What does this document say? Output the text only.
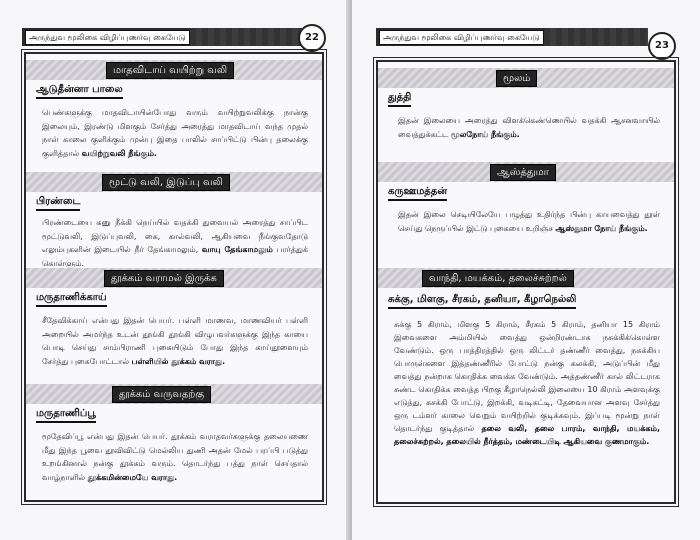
அருந்துவ மூலிகை விழிப்புணர்வு கையேடு	22
மாதவிடாய் வயிற்று வலி
ஆடுதீன்னா பாலை
பெண்களுக்கு மாதவிடாயின்போது வரும் வயிற்றுவலிக்கு நான்கு இலையும், இரண்டு மிளகும் சேர்த்து அரைத்து மாதவிடாய் வந்த முதல் நாள் காலை குளிக்கும் முன்பு இதை பாலில் சாப்பிட்டு பின்பு தலைக்கு குளித்தால் வயிற்றுவலி நீங்கும்.
மூட்டு வலி, இடுப்பு வலி
பிரண்டை
பிரண்டையை கனு நீக்கி நெய்யில் வதக்கி துவையல் அரைத்து சாப்பிட மூட்டுவலி, இடுப்புவலி, கை, கால்வலி, ஆகியவை நீங்குவதோடு எலும்புகளின் இடையில் நீர் தேங்காமலும், வாயு தேங்காமலும் பார்த்துக் கொள்ளும்.
தூக்கம் வராமல் இருக்க
மருதாணிக்காய்
சீதேவிக்காய் என்பது இதன் பெயர். பள்ளி மாணவ, மாணவியர் பள்ளி அறையில் அமர்ந்த உடன் தூங்கி தூங்கி விழுபவர்களுக்கு இந்த காயை பொடி செய்து சாம்பிராணி புகையிடும் போது இந்த காய்தூளையும் சேர்த்து புகைபோட்டால் பள்ளியில் தூக்கம் வராது.
தூக்கம் வருவதற்கு
மருதாணிப்பூ
மூதேவிப்பூ என்பது இதன் பெயர். தூக்கம் வராதவர்களுக்கு தலையணை மீது இந்த பூவை தூவிவிட்டு மெல்லிய துணி அதன் மேல் பரப்பி படுத்து உறங்கினால் நன்கு தூக்கம் வரும். தொடர்ந்து பத்து நாள் செய்தால் வாழ்நாளில் தூக்கமின்மையே வராது.
அருந்துவ மூலிகை விழிப்புணர்வு கையேடு
23
மூலம்
துத்தி
இதன் இலையை அரைத்து விளக்கெண்ணெயில் வதக்கி ஆசனவாயில் வைத்துக்கட்ட மூலநோய் நீங்கும்.
ஆஸ்த்துமா
கருஊமத்தன்
இதன் இலை செடியிலேயே பழுத்து உதிர்ந்த பின்பு காயவைத்து தூள் செய்து நெருப்பில் இட்டு புகையை உறிஞ்ச ஆஸ்துமா நோய் நீங்கும்.
வாந்தி, மயக்கம், தலைச்சுற்றல்
சுக்கு, மிளகு, சீரகம், தனியா, கீழாநெல்லி
சுக்கு 5 கிராம், மிளகு 5 கிராம், சீரகம் 5 கிராம், தனியா 15 கிராம் இவைகளை அம்மியில் வைத்து ஒன்றிரண்டாக நசுக்கிக்கொள்ள வேண்டும். ஒரு பாத்திரத்தில் ஒரு லிட்டர் தண்ணீர் வைத்து, நசுக்கிய பொருள்களை இத்தண்ணீரில் போட்டு நன்கு கலக்கி, அடுப்பின் மீது வைத்து நன்றாக கொதிக்க வைக்க வேண்டும். அத்தண்ணீர் கால் லிட்டராக சுண்ட கொதிக்க வைத்த பிறகு கீழாநெல்லி இலையை 10 கிராம் அளவுக்கு எடுத்து, கசக்கி போட்டு, இறக்கி, வடிகட்டி, தேவையான அளவு சேர்த்து ஒரு டம்ளர் காலை வெறும் வயிற்றில் குடிக்கவும். இப்படி மூன்று நாள் தொடர்ந்து குடித்தால் தலை வலி, தலை பாரம், வாந்தி, மயக்கம், தலைச்சுற்றல், தலையில் நீர்த்தம், மண்டையிடி ஆகியவை குணமாகும்.
